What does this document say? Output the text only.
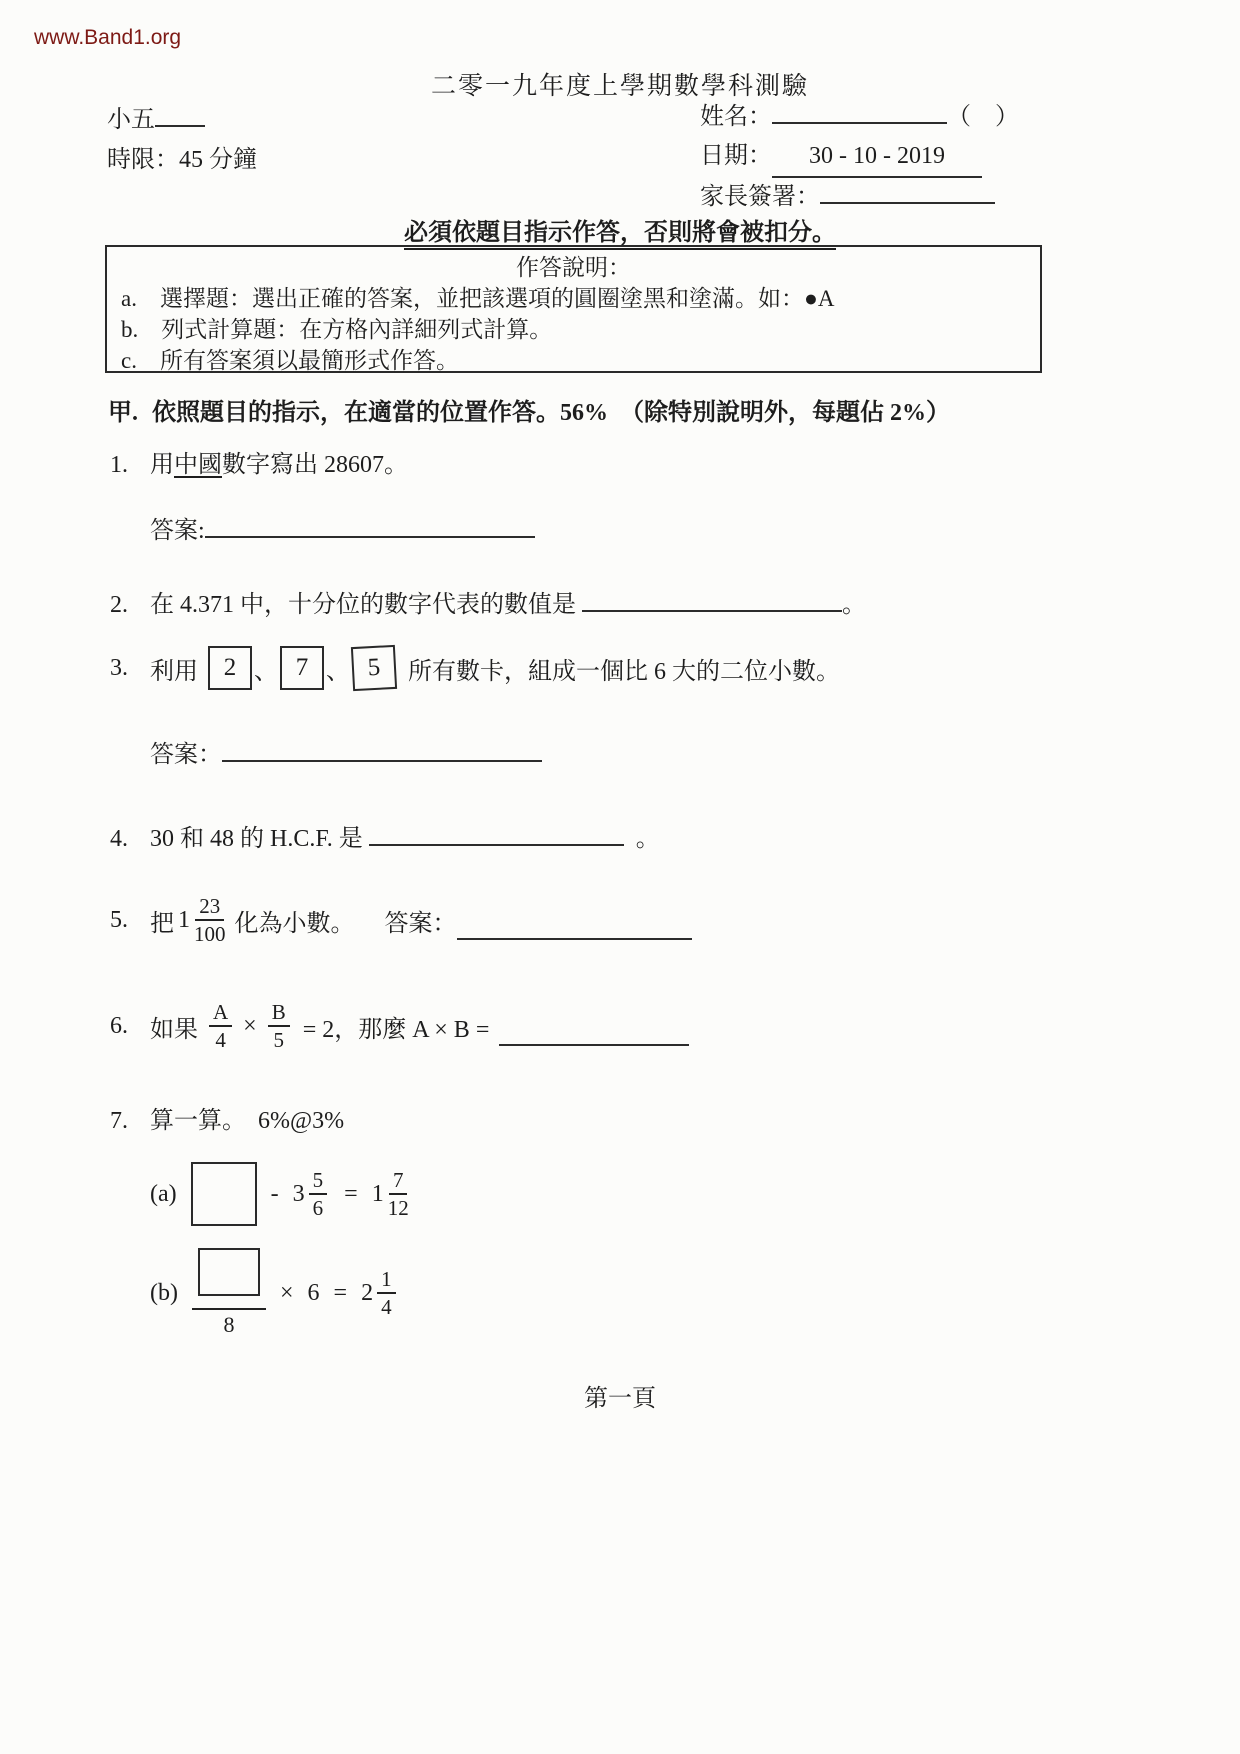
www.Band1.org
二零一九年度上學期數學科測驗
小五
時限：45 分鐘
姓名：	（　）
日期： 30 - 10 - 2019
家長簽署：
必須依題目指示作答，否則將會被扣分。
作答說明：
a.　選擇題：選出正確的答案，並把該選項的圓圈塗黑和塗滿。如：●A
b.　列式計算題：在方格內詳細列式計算。
c.　所有答案須以最簡形式作答。
甲. 依照題目的指示，在適當的位置作答。56%　（除特別說明外，每題佔 2%）
1. 用中國數字寫出 28607。
答案:
2. 在 4.371 中，十分位的數字代表的數值是	。
3. 利用	2 、 7 、 5	所有數卡，組成一個比 6 大的二位小數。
答案：
4. 30 和 48 的 H.C.F. 是	。
5. 把 $1 \frac{23}{100}$ 化為小數。 答案：
6. 如果 $\frac{A}{4} \times \frac{B}{5} = 2$，那麼 A × B =
7. 算一算。　6%@3%
(a)	- $3 \frac{5}{6} = 1 \frac{7}{12}$
(b)
8
× $6 = 2 \frac{1}{4}$
第一頁
